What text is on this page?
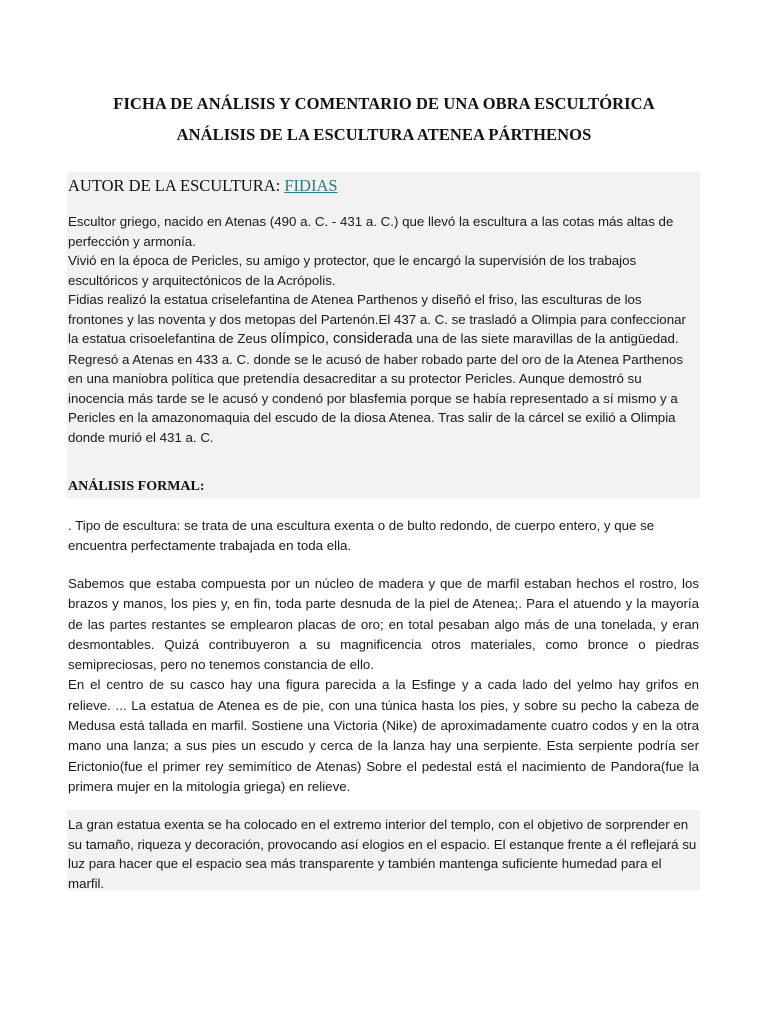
FICHA DE ANÁLISIS Y COMENTARIO DE UNA OBRA ESCULTÓRICA
ANÁLISIS DE LA ESCULTURA ATENEA PÁRTHENOS
AUTOR DE LA ESCULTURA: FIDIAS

Escultor griego, nacido en Atenas (490 a. C. - 431 a. C.) que llevó la escultura a las cotas más altas de perfección y armonía.

Vivió en la época de Pericles, su amigo y protector, que le encargó la supervisión de los trabajos escultóricos y arquitectónicos de la Acrópolis.

Fidias realizó la estatua criselefantina de Atenea Parthenos y diseñó el friso, las esculturas de los frontones y las noventa y dos metopas del Partenón.El 437 a. C. se trasladó a Olimpia para confeccionar la estatua crisoelefantina de Zeus olímpico, considerada una de las siete maravillas de la antigüedad.

Regresó a Atenas en 433 a. C. donde se le acusó de haber robado parte del oro de la Atenea Parthenos en una maniobra política que pretendía desacreditar a su protector Pericles. Aunque demostró su inocencia más tarde se le acusó y condenó por blasfemia porque se había representado a sí mismo y a Pericles en la amazonomaquia del escudo de la diosa Atenea. Tras salir de la cárcel se exilió a Olimpia donde murió el 431 a. C.

ANÁLISIS FORMAL:

. Tipo de escultura: se trata de una escultura exenta o de bulto redondo, de cuerpo entero, y que se encuentra perfectamente trabajada en toda ella.

Sabemos que estaba compuesta por un núcleo de madera y que de marfil estaban hechos el rostro, los brazos y manos, los pies y, en fin, toda parte desnuda de la piel de Atenea;. Para el atuendo y la mayoría de las partes restantes se emplearon placas de oro; en total pesaban algo más de una tonelada, y eran desmontables. Quizá contribuyeron a su magnificencia otros materiales, como bronce o piedras semipreciosas, pero no tenemos constancia de ello.

En el centro de su casco hay una figura parecida a la Esfinge y a cada lado del yelmo hay grifos en relieve. ... La estatua de Atenea es de pie, con una túnica hasta los pies, y sobre su pecho la cabeza de Medusa está tallada en marfil. Sostiene una Victoria (Nike) de aproximadamente cuatro codos y en la otra mano una lanza; a sus pies un escudo y cerca de la lanza hay una serpiente. Esta serpiente podría ser Erictonio(fue el primer rey semimítico de Atenas) Sobre el pedestal está el nacimiento de Pandora(fue la primera mujer en la mitología griega) en relieve.

La gran estatua exenta se ha colocado en el extremo interior del templo, con el objetivo de sorprender en su tamaño, riqueza y decoración, provocando así elogios en el espacio. El estanque frente a él reflejará su luz para hacer que el espacio sea más transparente y también mantenga suficiente humedad para el marfil.
